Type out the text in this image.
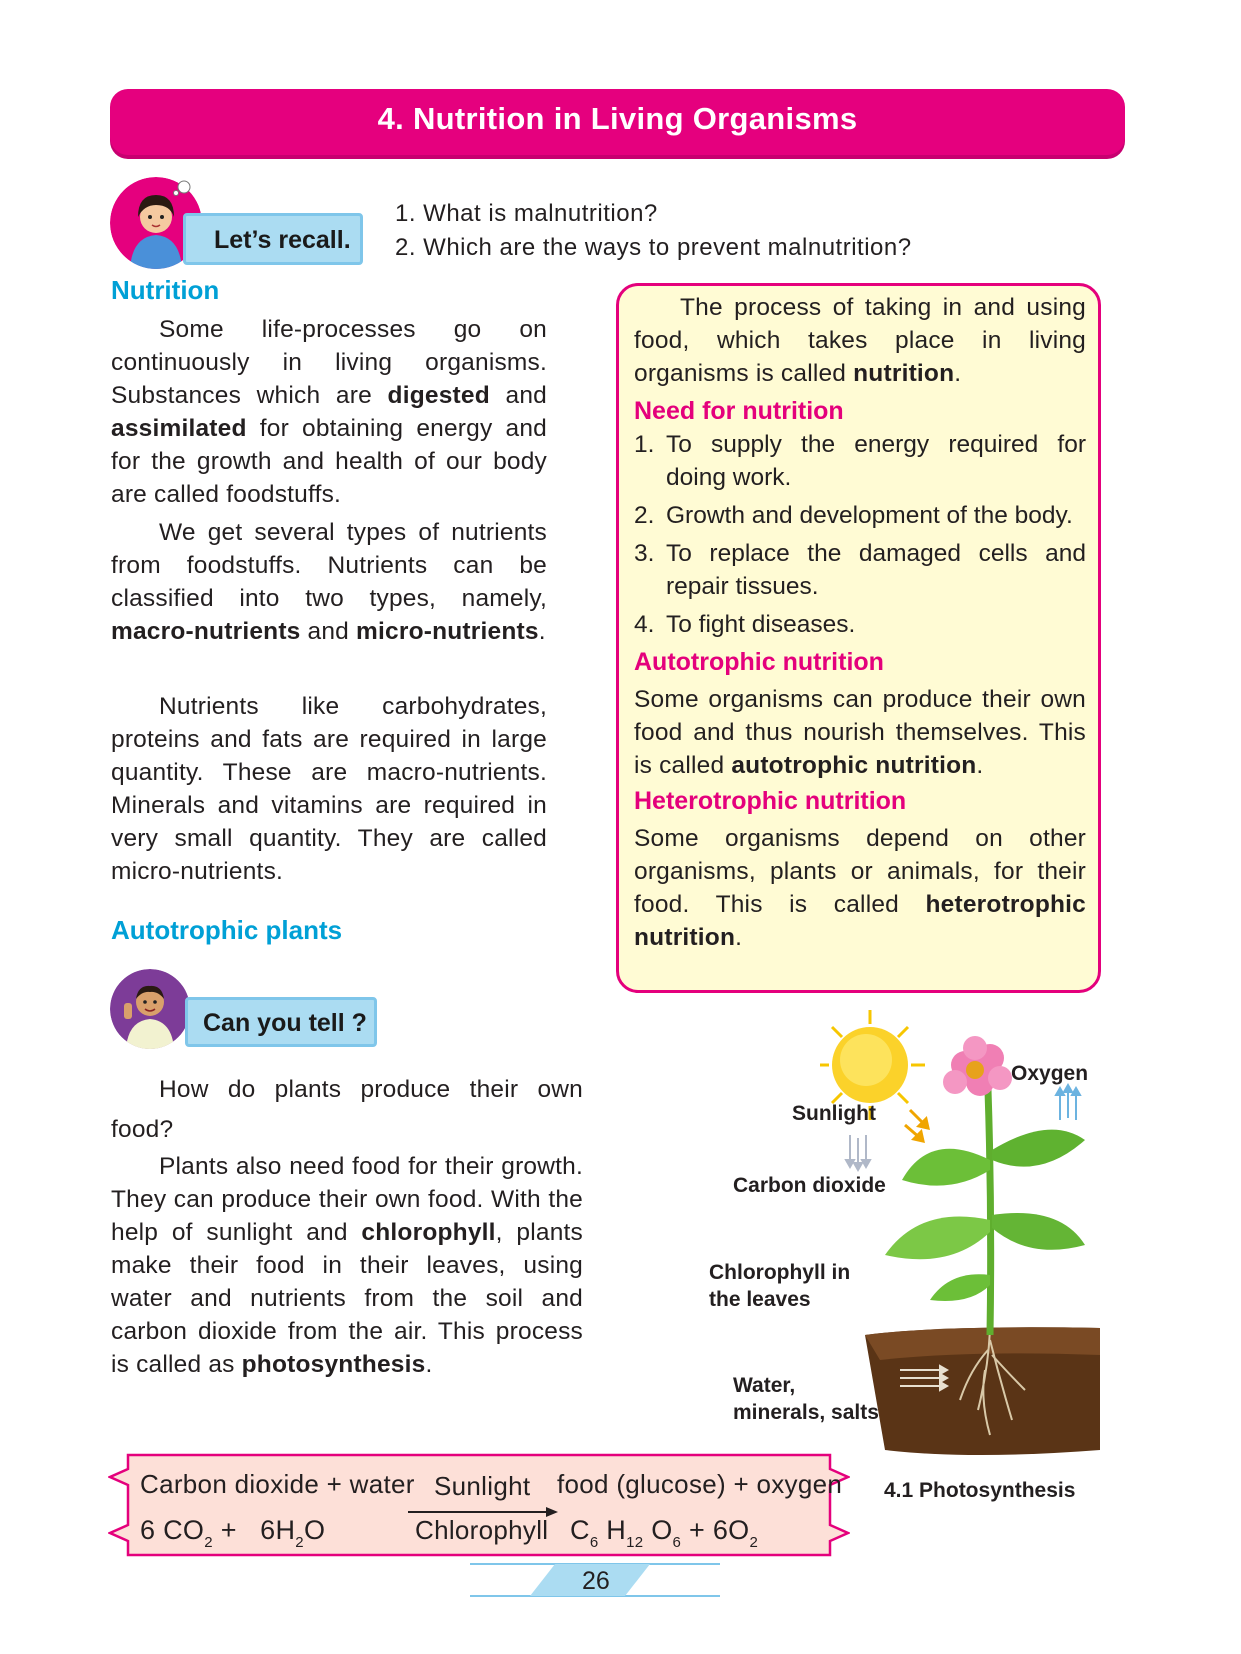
4. Nutrition in Living Organisms
Let’s recall.
1. What is malnutrition?
2. Which are the ways to prevent malnutrition?
Nutrition
Some life-processes go on continuously in living organisms. Substances which are digested and assimilated for obtaining energy and for the growth and health of our body are called foodstuffs.
We get several types of nutrients from foodstuffs. Nutrients can be classified into two types, namely, macro-nutrients and micro-nutrients.
Nutrients like carbohydrates, proteins and fats are required in large quantity. These are macro-nutrients. Minerals and vitamins are required in very small quantity. They are called micro-nutrients.
Autotrophic plants
Can you tell ?
How do plants produce their own
food?
Plants also need food for their growth. They can produce their own food. With the help of sunlight and chlorophyll, plants make their food in their leaves, using water and nutrients from the soil and carbon dioxide from the air. This process is called as photosynthesis.
The process of taking in and using food, which takes place in living organisms is called nutrition.
Need for nutrition
1. To supply the energy required for doing work.
2. Growth and development of the body.
3. To replace the damaged cells and repair tissues.
4. To fight diseases.
Autotrophic nutrition
Some organisms can produce their own food and thus nourish themselves. This is called autotrophic nutrition.
Heterotrophic nutrition
Some organisms depend on other organisms, plants or animals, for their food. This is called heterotrophic nutrition.
Oxygen
Sunlight
Carbon dioxide
Chlorophyll in
the leaves
Water,
minerals, salts
4.1 Photosynthesis
Carbon dioxide + water Sunlight food (glucose) + oxygen
6 $CO_2 + 6H_2O$	Chlorophyll $C_6$ $H_{12}$ $O_6 + 6O_2$
26
